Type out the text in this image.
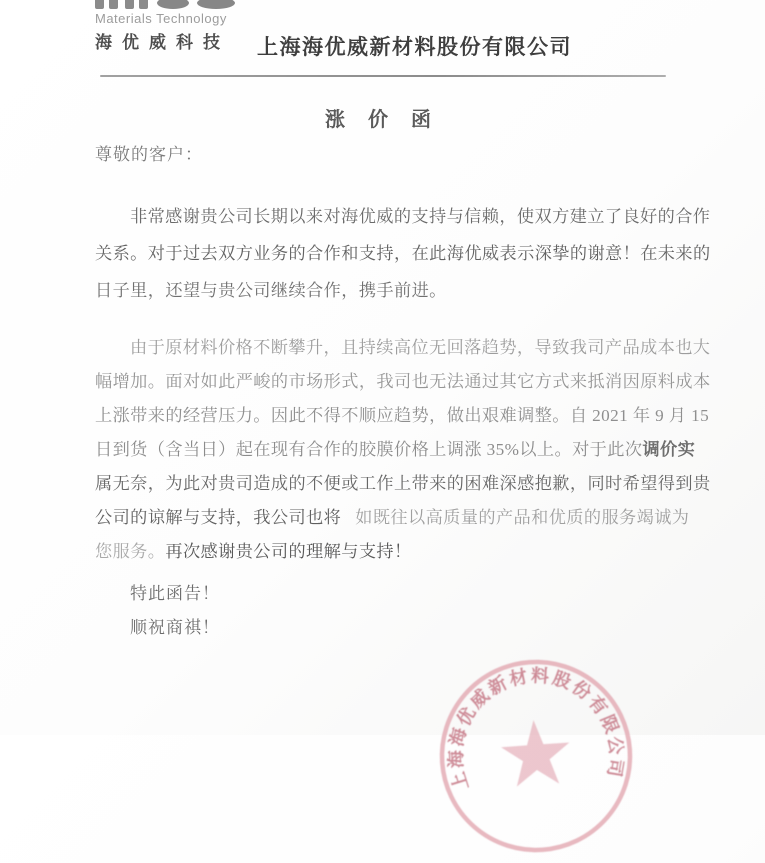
Materials Technology
海优威科技 上海海优威新材料股份有限公司
涨 价 函
尊敬的客户：
非常感谢贵公司长期以来对海优威的支持与信赖，使双方建立了良好的合作
关系。对于过去双方业务的合作和支持，在此海优威表示深挚的谢意！在未来的
日子里，还望与贵公司继续合作，携手前进。
由于原材料价格不断攀升，且持续高位无回落趋势，导致我司产品成本也大
幅增加。面对如此严峻的市场形式，我司也无法通过其它方式来抵消因原料成本
上涨带来的经营压力。因此不得不顺应趋势，做出艰难调整。自 2021 年 9 月 15
日到货（含当日）起在现有合作的胶膜价格上调涨 35%以上。对于此次调价实
属无奈，为此对贵司造成的不便或工作上带来的困难深感抱歉，同时希望得到贵
公司的谅解与支持，我公司也将 如既往以高质量的产品和优质的服务竭诚为
您服务。再次感谢贵公司的理解与支持！
特此函告！
顺祝商祺！
上海海优威新材料股份有限公司
